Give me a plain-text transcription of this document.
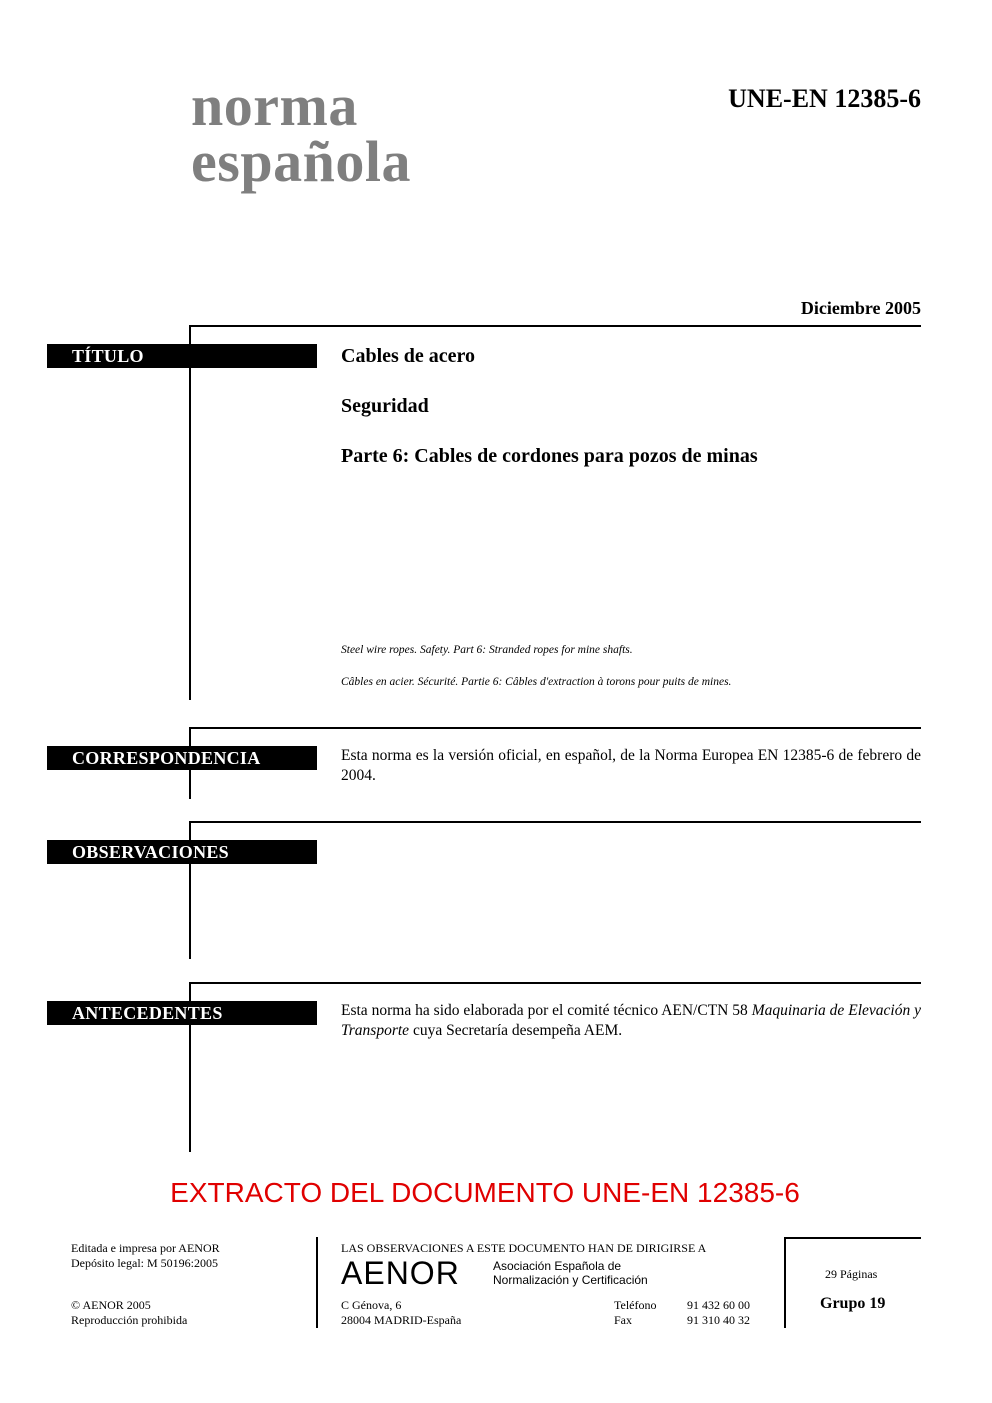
norma
española
UNE-EN 12385-6
Diciembre 2005
TÍTULO	Cables de acero
Seguridad
Parte 6: Cables de cordones para pozos de minas
Steel wire ropes. Safety. Part 6: Stranded ropes for mine shafts.
Câbles en acier. Sécurité. Partie 6: Câbles d'extraction à torons pour puits de mines.
CORRESPONDENCIA	Esta norma es la versión oficial, en español, de la Norma Europea EN 12385-6 de febrero de 2004.
OBSERVACIONES
ANTECEDENTES	Esta norma ha sido elaborada por el comité técnico AEN/CTN 58 Maquinaria de Elevación y Transporte cuya Secretaría desempeña AEM.
EXTRACTO DEL DOCUMENTO UNE-EN 12385-6
Editada e impresa por AENOR
Depósito legal: M 50196:2005
© AENOR 2005
Reproducción prohibida
LAS OBSERVACIONES A ESTE DOCUMENTO HAN DE DIRIGIRSE A
AENOR	Asociación Española de
Normalización y Certificación
C Génova, 6
28004 MADRID-España
Teléfono	91 432 60 00
Fax	91 310 40 32
29 Páginas
Grupo 19
